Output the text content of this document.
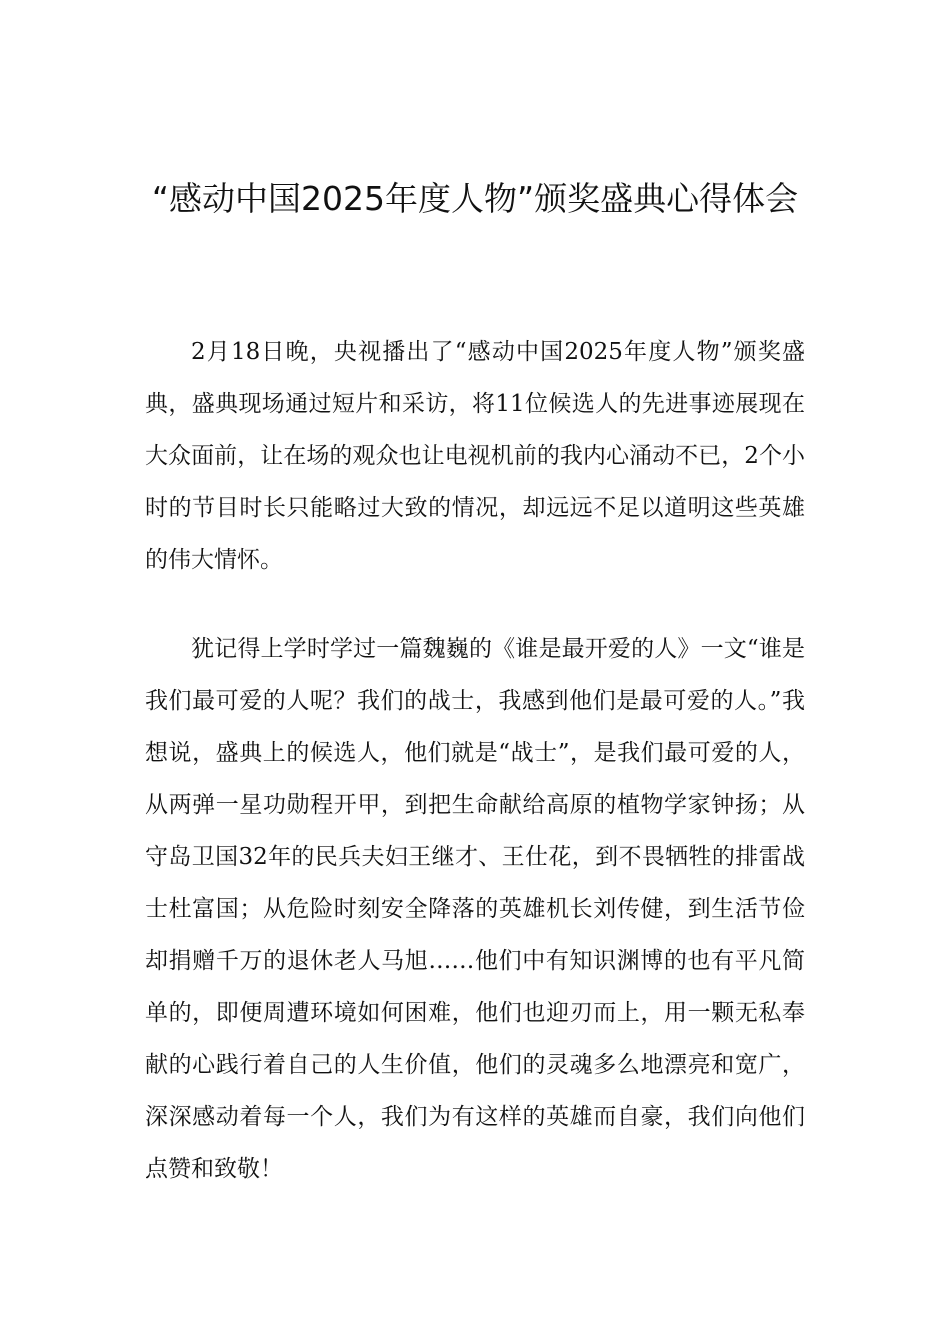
“感动中国2025年度人物”颁奖盛典心得体会

2月18日晚，央视播出了“感动中国2025年度人物”颁奖盛典，盛典现场通过短片和采访，将11位候选人的先进事迹展现在大众面前，让在场的观众也让电视机前的我内心涌动不已，2个小时的节目时长只能略过大致的情况，却远远不足以道明这些英雄的伟大情怀。

犹记得上学时学过一篇魏巍的《谁是最开爱的人》一文“谁是我们最可爱的人呢？我们的战士，我感到他们是最可爱的人。”我想说，盛典上的候选人，他们就是“战士”，是我们最可爱的人，从两弹一星功勋程开甲，到把生命献给高原的植物学家钟扬；从守岛卫国32年的民兵夫妇王继才、王仕花，到不畏牺牲的排雷战士杜富国；从危险时刻安全降落的英雄机长刘传健，到生活节俭却捐赠千万的退休老人马旭……他们中有知识渊博的也有平凡简单的，即便周遭环境如何困难，他们也迎刃而上，用一颗无私奉献的心践行着自己的人生价值，他们的灵魂多么地漂亮和宽广，深深感动着每一个人，我们为有这样的英雄而自豪，我们向他们点赞和致敬！
